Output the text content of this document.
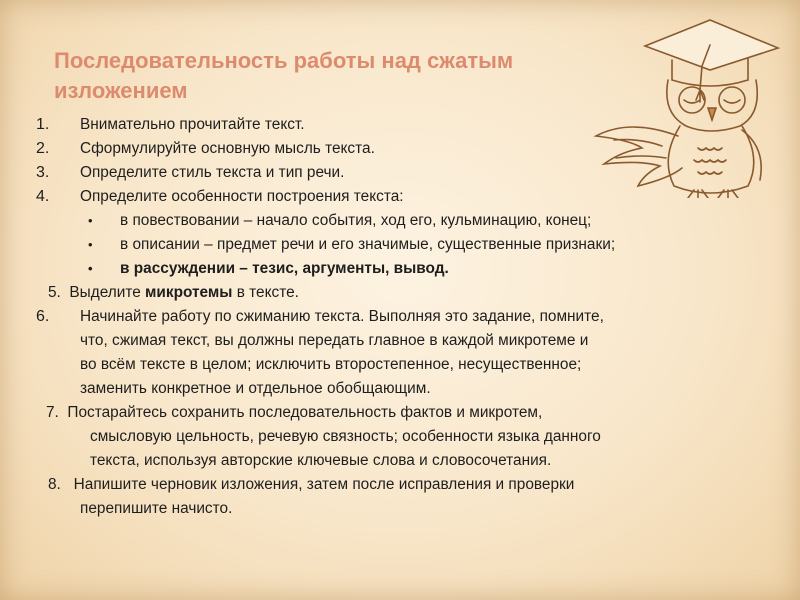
Последовательность работы над сжатым
изложением
1. Внимательно прочитайте текст.
2. Сформулируйте основную мысль текста.
3. Определите стиль текста и тип речи.
4. Определите особенности построения текста:
• в повествовании – начало события, ход его, кульминацию, конец;
• в описании – предмет речи и его значимые, существенные признаки;
• в рассуждении – тезис, аргументы, вывод.
5.  Выделите микротемы в тексте.
6. Начинайте работу по сжиманию текста. Выполняя это задание, помните,
что, сжимая текст, вы должны передать главное в каждой микротеме и
во всём тексте в целом; исключить второстепенное, несущественное;
заменить конкретное и отдельное обобщающим.
7.  Постарайтесь сохранить последовательность фактов и микротем,
смысловую цельность, речевую связность; особенности языка данного
текста, используя авторские ключевые слова и словосочетания.
8.   Напишите черновик изложения, затем после исправления и проверки
перепишите начисто.
